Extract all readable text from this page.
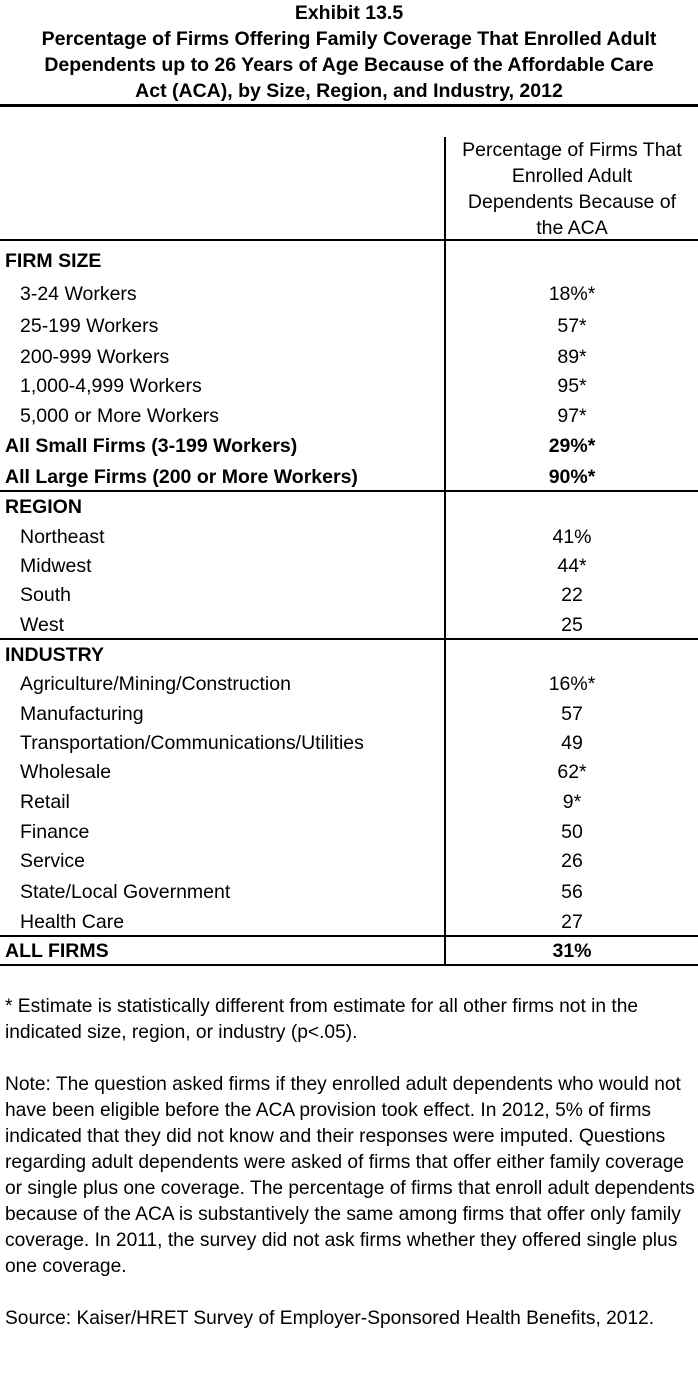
Exhibit 13.5
Percentage of Firms Offering Family Coverage That Enrolled Adult
Dependents up to 26 Years of Age Because of the Affordable Care
Act (ACA), by Size, Region, and Industry, 2012
Percentage of Firms That
Enrolled Adult
Dependents Because of
the ACA
FIRM SIZE
3-24 Workers	18%*
25-199 Workers	57*
200-999 Workers	89*
1,000-4,999 Workers	95*
5,000 or More Workers	97*
All Small Firms (3-199 Workers)	29%*
All Large Firms (200 or More Workers)	90%*
REGION
Northeast	41%
Midwest	44*
South	22
West	25
INDUSTRY
Agriculture/Mining/Construction	16%*
Manufacturing	57
Transportation/Communications/Utilities	49
Wholesale	62*
Retail	9*
Finance	50
Service	26
State/Local Government	56
Health Care	27
ALL FIRMS	31%

* Estimate is statistically different from estimate for all other firms not in the indicated size, region, or industry (p<.05).

Note: The question asked firms if they enrolled adult dependents who would not have been eligible before the ACA provision took effect. In 2012, 5% of firms indicated that they did not know and their responses were imputed. Questions regarding adult dependents were asked of firms that offer either family coverage or single plus one coverage. The percentage of firms that enroll adult dependents because of the ACA is substantively the same among firms that offer only family coverage. In 2011, the survey did not ask firms whether they offered single plus one coverage.

Source: Kaiser/HRET Survey of Employer-Sponsored Health Benefits, 2012.
